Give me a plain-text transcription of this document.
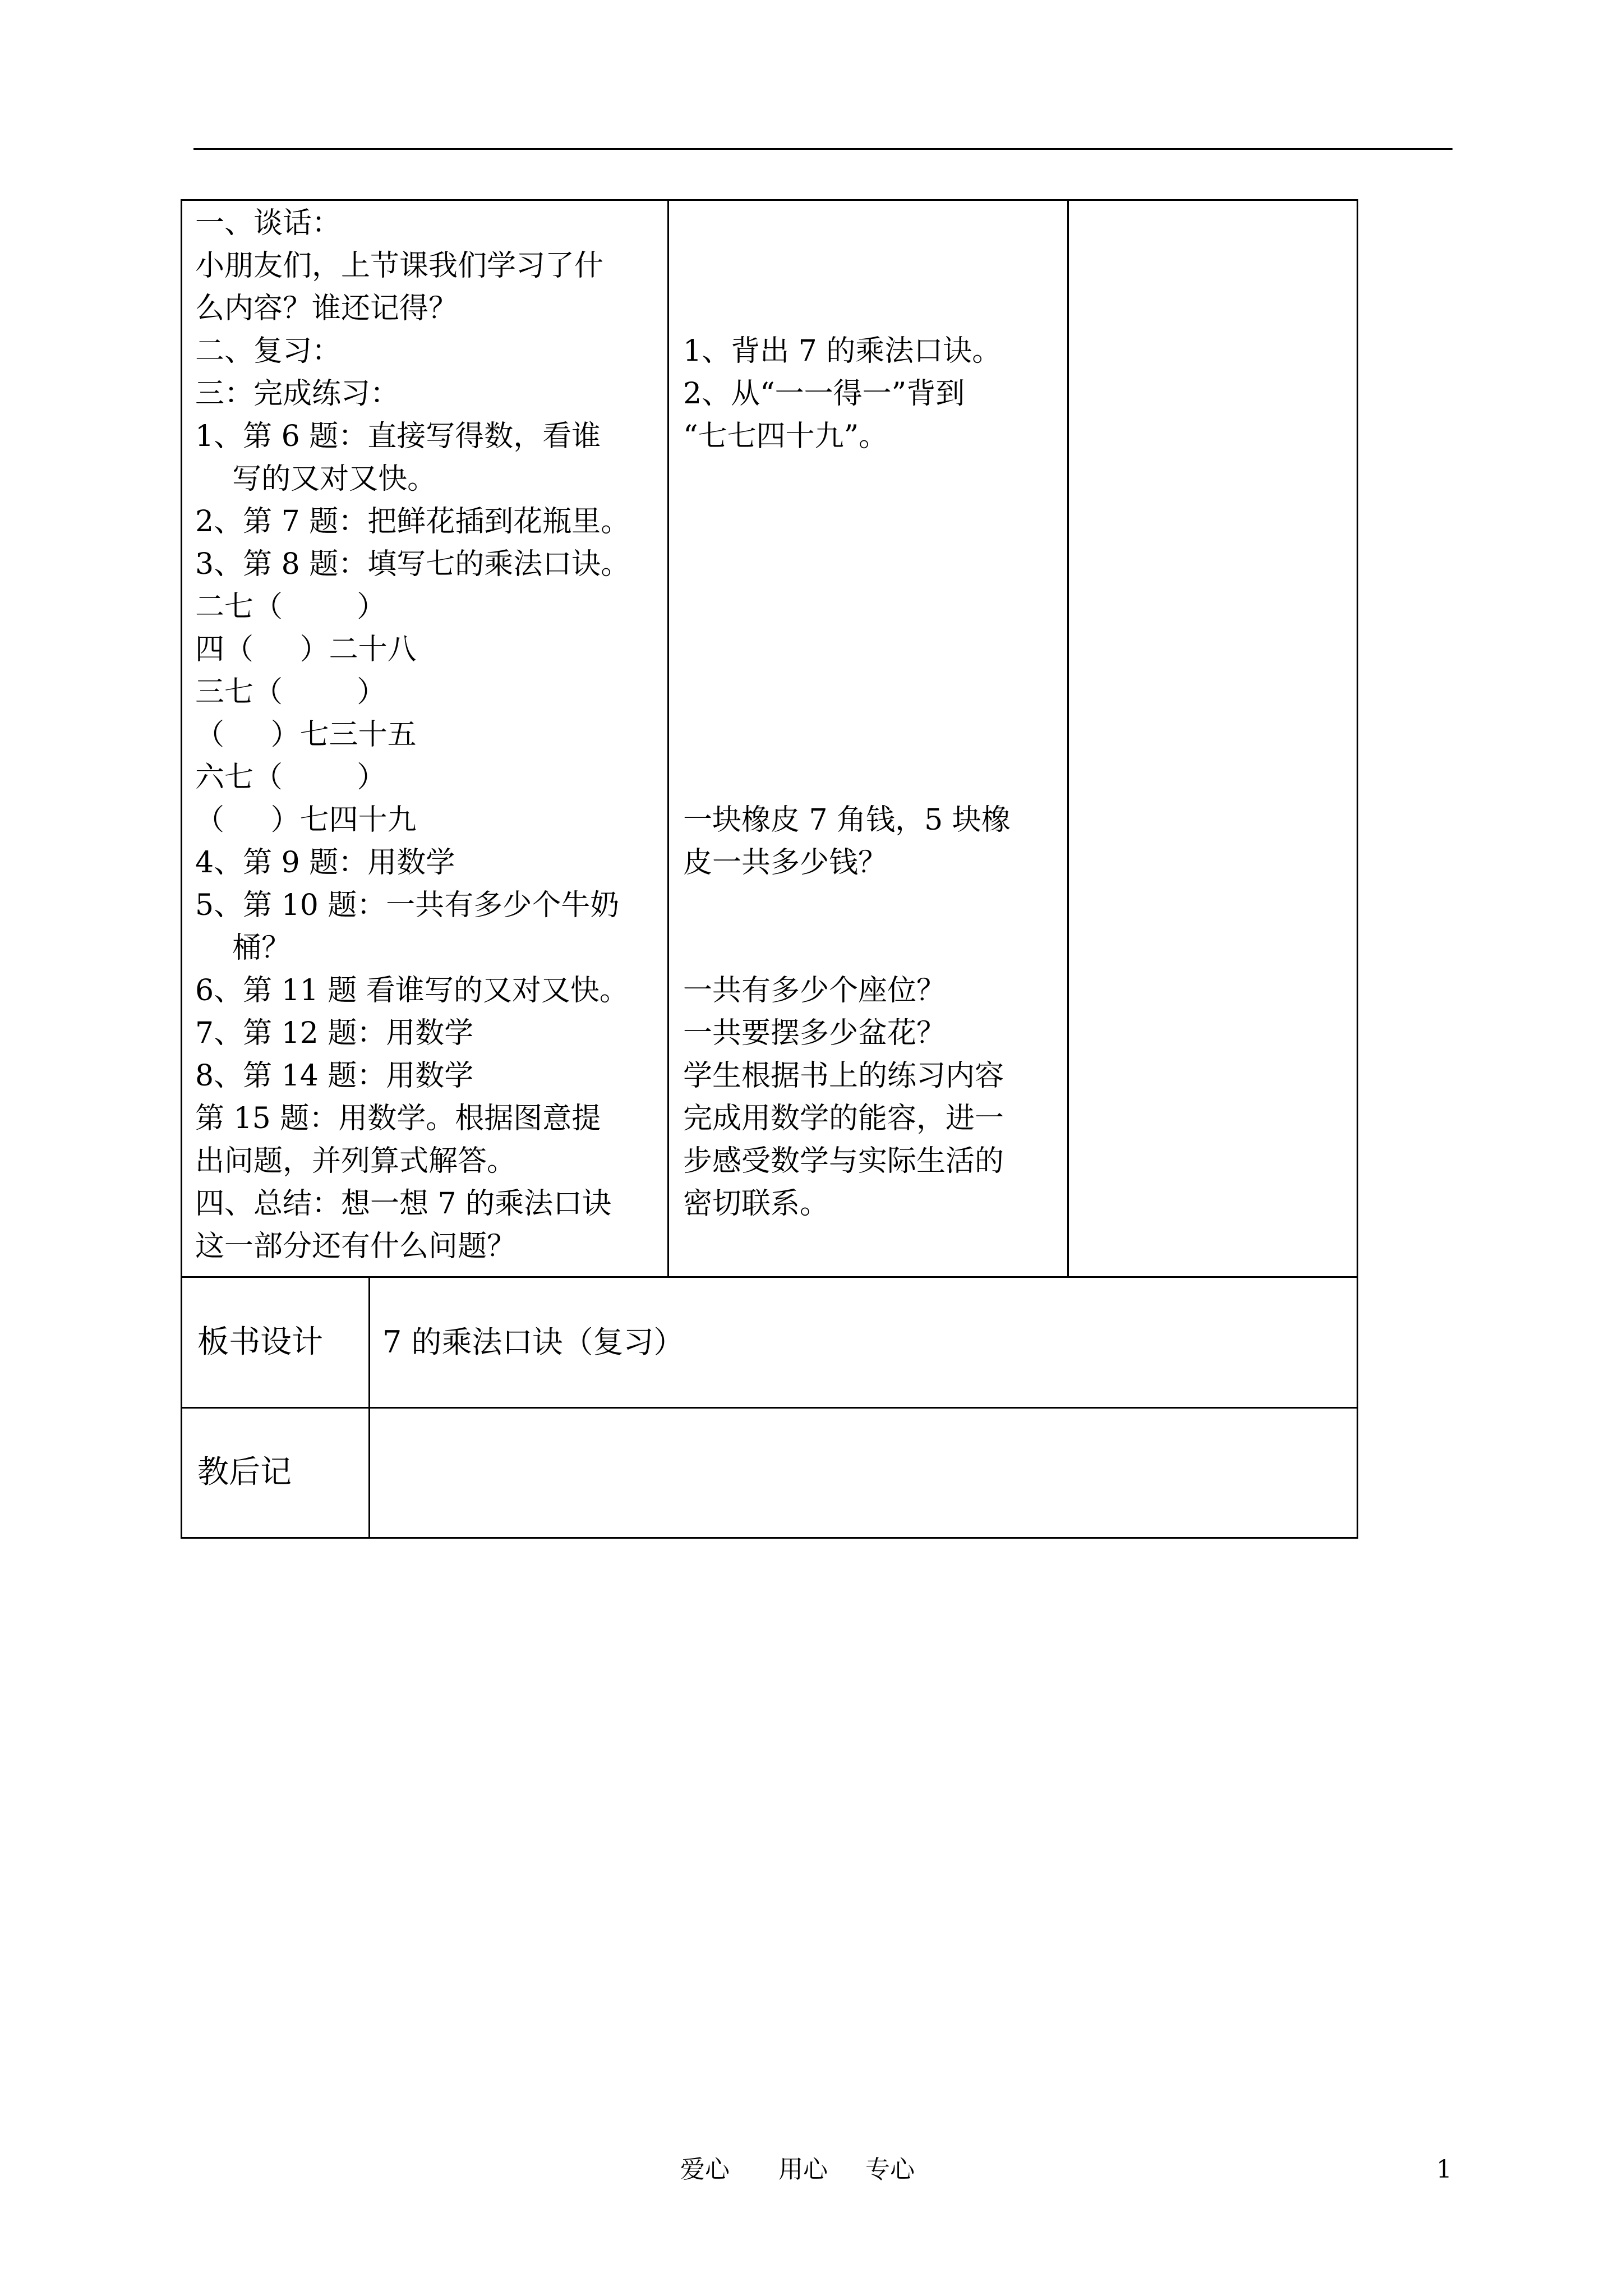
一、谈话：
小朋友们，上节课我们学习了什
么内容？谁还记得？
二、复习：
三：完成练习：
1、第 6 题：直接写得数，看谁
写的又对又快。
2、第 7 题：把鲜花插到花瓶里。
3、第 8 题：填写七的乘法口诀。
二七（        ）
四（     ）二十八
三七（        ）
（     ）七三十五
六七（        ）
（     ）七四十九
4、第 9 题：用数学
5、第 10 题：一共有多少个牛奶
桶？
6、第 11 题 看谁写的又对又快。
7、第 12 题：用数学
8、第 14 题：用数学
第 15 题：用数学。根据图意提
出问题，并列算式解答。
四、总结：想一想 7 的乘法口诀
这一部分还有什么问题？
1、背出 7 的乘法口诀。
2、从“一一得一”背到
“七七四十九”。
一块橡皮 7 角钱，5 块橡
皮一共多少钱？
一共有多少个座位？
一共要摆多少盆花？
学生根据书上的练习内容
完成用数学的能容，进一
步感受数学与实际生活的
密切联系。
板书设计 7 的乘法口诀（复习）
教后记
爱心 用心 专心	1
